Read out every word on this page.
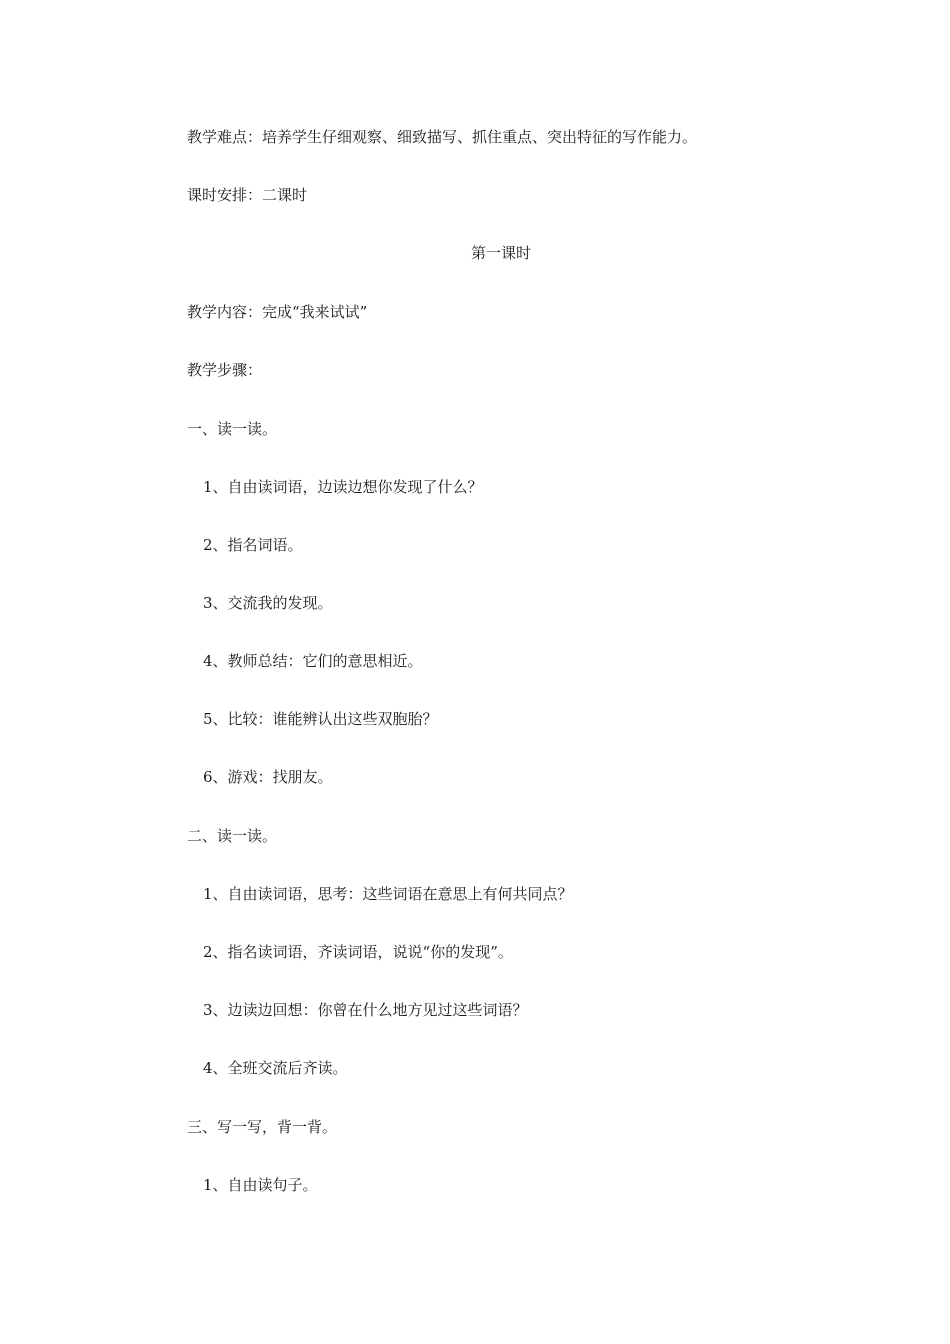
教学难点：培养学生仔细观察、细致描写、抓住重点、突出特征的写作能力。
课时安排：二课时
第一课时
教学内容：完成“我来试试”
教学步骤：
一、读一读。
1、自由读词语，边读边想你发现了什么？
2、指名词语。
3、交流我的发现。
4、教师总结：它们的意思相近。
5、比较：谁能辨认出这些双胞胎？
6、游戏：找朋友。
二、读一读。
1、自由读词语，思考：这些词语在意思上有何共同点？
2、指名读词语，齐读词语，说说“你的发现”。
3、边读边回想：你曾在什么地方见过这些词语？
4、全班交流后齐读。
三、写一写，背一背。
1、自由读句子。
